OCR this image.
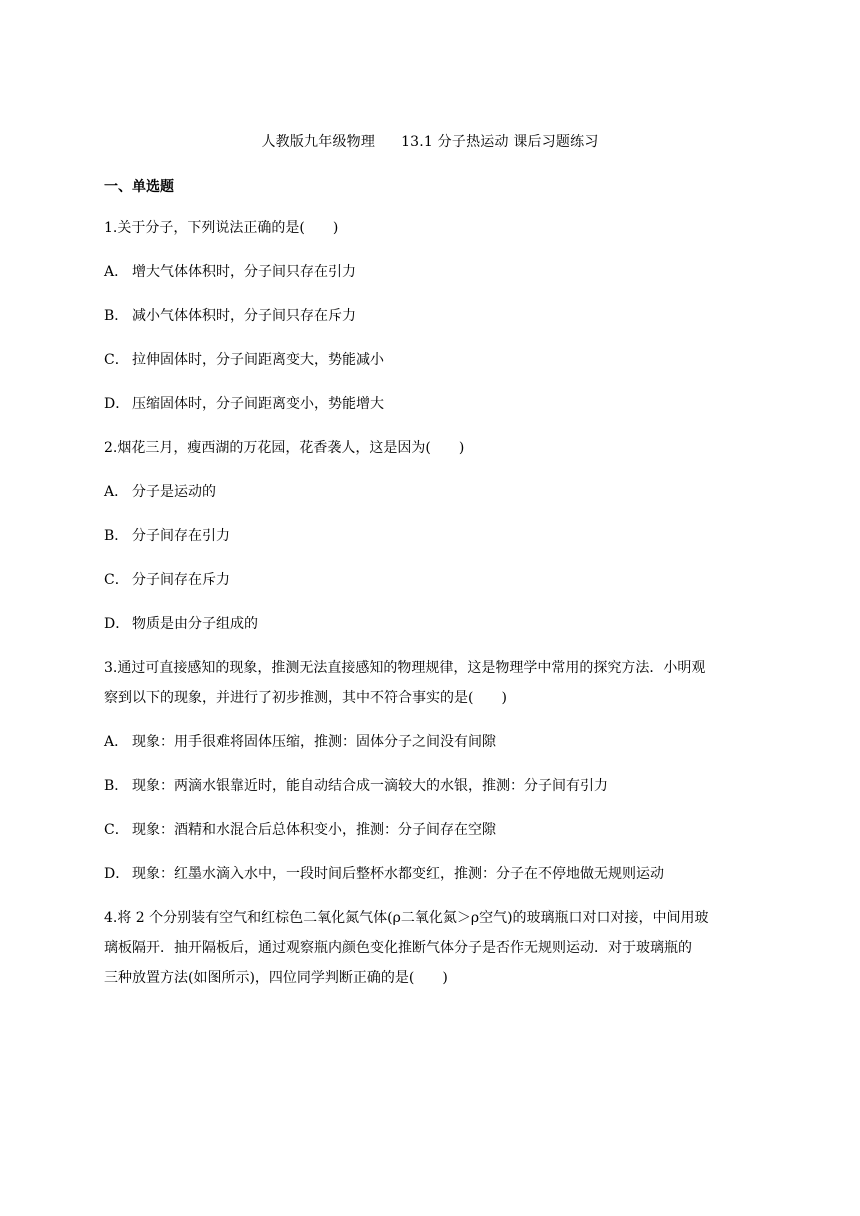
人教版九年级物理 13.1 分子热运动 课后习题练习
一、单选题
1.关于分子，下列说法正确的是(　　)
A． 增大气体体积时，分子间只存在引力
B． 减小气体体积时，分子间只存在斥力
C． 拉伸固体时，分子间距离变大，势能减小
D． 压缩固体时，分子间距离变小，势能增大
2.烟花三月，瘦西湖的万花园，花香袭人，这是因为(　　)
A． 分子是运动的
B． 分子间存在引力
C． 分子间存在斥力
D． 物质是由分子组成的
3.通过可直接感知的现象，推测无法直接感知的物理规律，这是物理学中常用的探究方法．小明观
察到以下的现象，并进行了初步推测，其中不符合事实的是(　　)
A． 现象：用手很难将固体压缩，推测：固体分子之间没有间隙
B． 现象：两滴水银靠近时，能自动结合成一滴较大的水银，推测：分子间有引力
C． 现象：酒精和水混合后总体积变小，推测：分子间存在空隙
D． 现象：红墨水滴入水中，一段时间后整杯水都变红，推测：分子在不停地做无规则运动
4.将 2 个分别装有空气和红棕色二氧化氮气体(ρ二氧化氮＞ρ空气)的玻璃瓶口对口对接，中间用玻
璃板隔开．抽开隔板后，通过观察瓶内颜色变化推断气体分子是否作无规则运动．对于玻璃瓶的
三种放置方法(如图所示)，四位同学判断正确的是(　　)
